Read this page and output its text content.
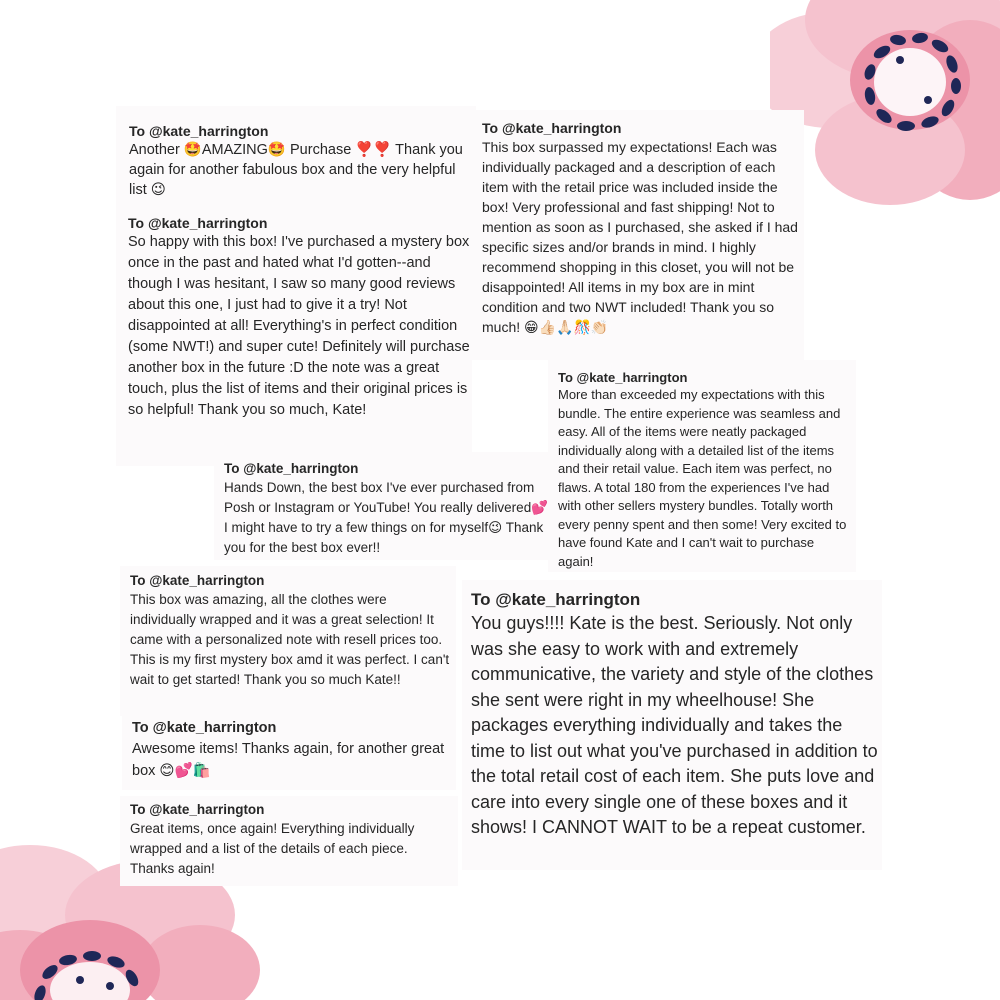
To @kate_harrington
Another 🤩AMAZING🤩 Purchase ❣️❣️ Thank you again for another fabulous box and the very helpful list 😉
To @kate_harrington
This box surpassed my expectations! Each was individually packaged and a description of each item with the retail price was included inside the box! Very professional and fast shipping! Not to mention as soon as I purchased, she asked if I had specific sizes and/or brands in mind. I highly recommend shopping in this closet, you will not be disappointed! All items in my box are in mint condition and two NWT included! Thank you so much! 😁👍🏻🙏🏻🎊👏🏻
To @kate_harrington
So happy with this box! I've purchased a mystery box once in the past and hated what I'd gotten--and though I was hesitant, I saw so many good reviews about this one, I just had to give it a try! Not disappointed at all! Everything's in perfect condition (some NWT!) and super cute! Definitely will purchase another box in the future :D the note was a great touch, plus the list of items and their original prices is so helpful! Thank you so much, Kate!
To @kate_harrington
More than exceeded my expectations with this bundle. The entire experience was seamless and easy. All of the items were neatly packaged individually along with a detailed list of the items and their retail value. Each item was perfect, no flaws. A total 180 from the experiences I've had with other sellers mystery bundles. Totally worth every penny spent and then some! Very excited to have found Kate and I can't wait to purchase again!
To @kate_harrington
Hands Down, the best box I've ever purchased from Posh or Instagram or YouTube! You really delivered💕 I might have to try a few things on for myself😉 Thank you for the best box ever!!
To @kate_harrington
This box was amazing, all the clothes were individually wrapped and it was a great selection! It came with a personalized note with resell prices too. This is my first mystery box amd it was perfect. I can't wait to get started! Thank you so much Kate!!
To @kate_harrington
You guys!!!! Kate is the best. Seriously. Not only was she easy to work with and extremely communicative, the variety and style of the clothes she sent were right in my wheelhouse! She packages everything individually and takes the time to list out what you've purchased in addition to the total retail cost of each item. She puts love and care into every single one of these boxes and it shows! I CANNOT WAIT to be a repeat customer.
To @kate_harrington
Awesome items! Thanks again, for another great box 😊💕🛍️
To @kate_harrington
Great items, once again! Everything individually wrapped and a list of the details of each piece. Thanks again!
